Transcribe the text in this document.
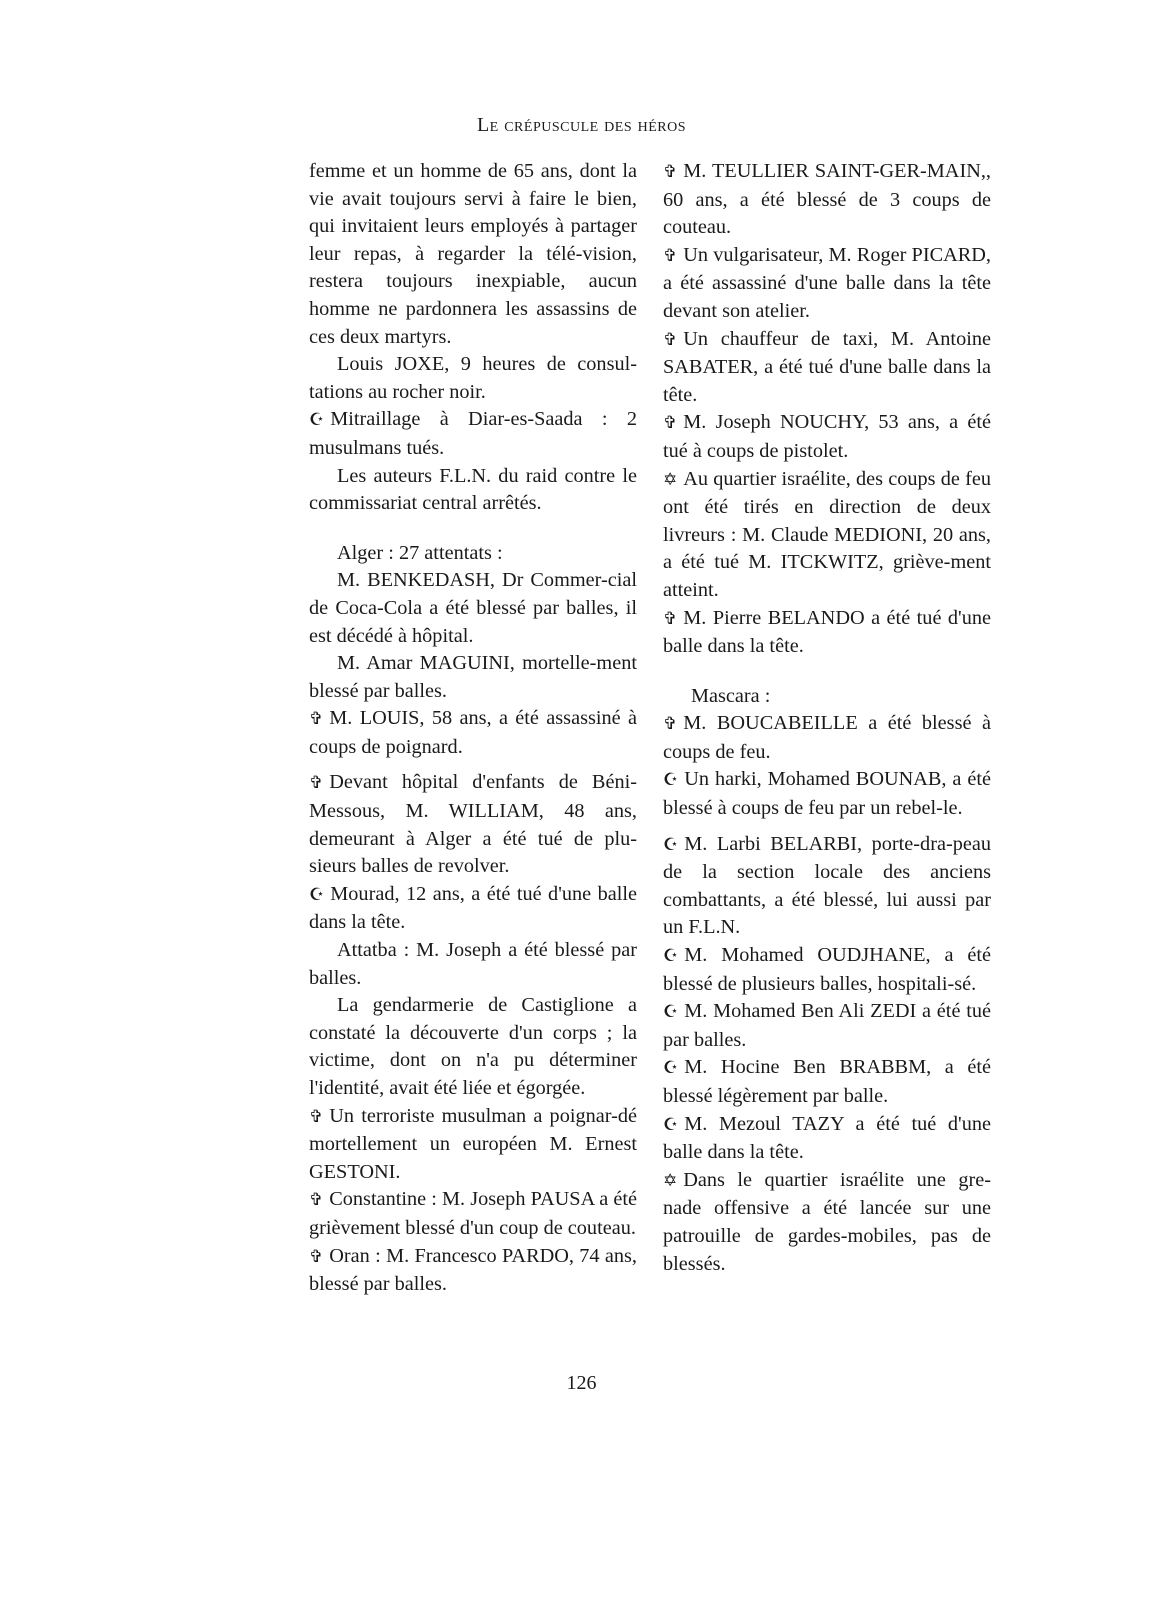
Le crépuscule des héros

femme et un homme de 65 ans, dont la vie avait toujours servi à faire le bien, qui invitaient leurs employés à partager leur repas, à regarder la télé-vision, restera toujours inexpiable, aucun homme ne pardonnera les assassins de ces deux martyrs.

Louis JOXE, 9 heures de consul-tations au rocher noir.

☪ Mitraillage à Diar-es-Saada : 2 musulmans tués.

Les auteurs F.L.N. du raid contre le commissariat central arrêtés.

Alger : 27 attentats :

M. BENKEDASH, Dr Commer-cial de Coca-Cola a été blessé par balles, il est décédé à hôpital.

M. Amar MAGUINI, mortelle-ment blessé par balles.

✞ M. LOUIS, 58 ans, a été assassiné à coups de poignard.

✞ Devant hôpital d'enfants de Béni-Messous, M. WILLIAM, 48 ans, demeurant à Alger a été tué de plu-sieurs balles de revolver.

☪ Mourad, 12 ans, a été tué d'une balle dans la tête.

Attatba : M. Joseph a été blessé par balles.

La gendarmerie de Castiglione a constaté la découverte d'un corps ; la victime, dont on n'a pu déterminer l'identité, avait été liée et égorgée.

✞ Un terroriste musulman a poignar-dé mortellement un européen M. Ernest GESTONI.

✞ Constantine : M. Joseph PAUSA a été grièvement blessé d'un coup de couteau.

✞ Oran : M. Francesco PARDO, 74 ans, blessé par balles.

✞ M. TEULLIER SAINT-GER-MAIN,, 60 ans, a été blessé de 3 coups de couteau.

✞ Un vulgarisateur, M. Roger PICARD, a été assassiné d'une balle dans la tête devant son atelier.

✞ Un chauffeur de taxi, M. Antoine SABATER, a été tué d'une balle dans la tête.

✞ M. Joseph NOUCHY, 53 ans, a été tué à coups de pistolet.

✡ Au quartier israélite, des coups de feu ont été tirés en direction de deux livreurs : M. Claude MEDIONI, 20 ans, a été tué M. ITCKWITZ, griève-ment atteint.

✞ M. Pierre BELANDO a été tué d'une balle dans la tête.

Mascara :

✞ M. BOUCABEILLE a été blessé à coups de feu.

☪ Un harki, Mohamed BOUNAB, a été blessé à coups de feu par un rebel-le.

☪ M. Larbi BELARBI, porte-dra-peau de la section locale des anciens combattants, a été blessé, lui aussi par un F.L.N.

☪ M. Mohamed OUDJHANE, a été blessé de plusieurs balles, hospitali-sé.

☪ M. Mohamed Ben Ali ZEDI a été tué par balles.

☪ M. Hocine Ben BRABBM, a été blessé légèrement par balle.

☪ M. Mezoul TAZY a été tué d'une balle dans la tête.

✡ Dans le quartier israélite une gre-nade offensive a été lancée sur une patrouille de gardes-mobiles, pas de blessés.

126
